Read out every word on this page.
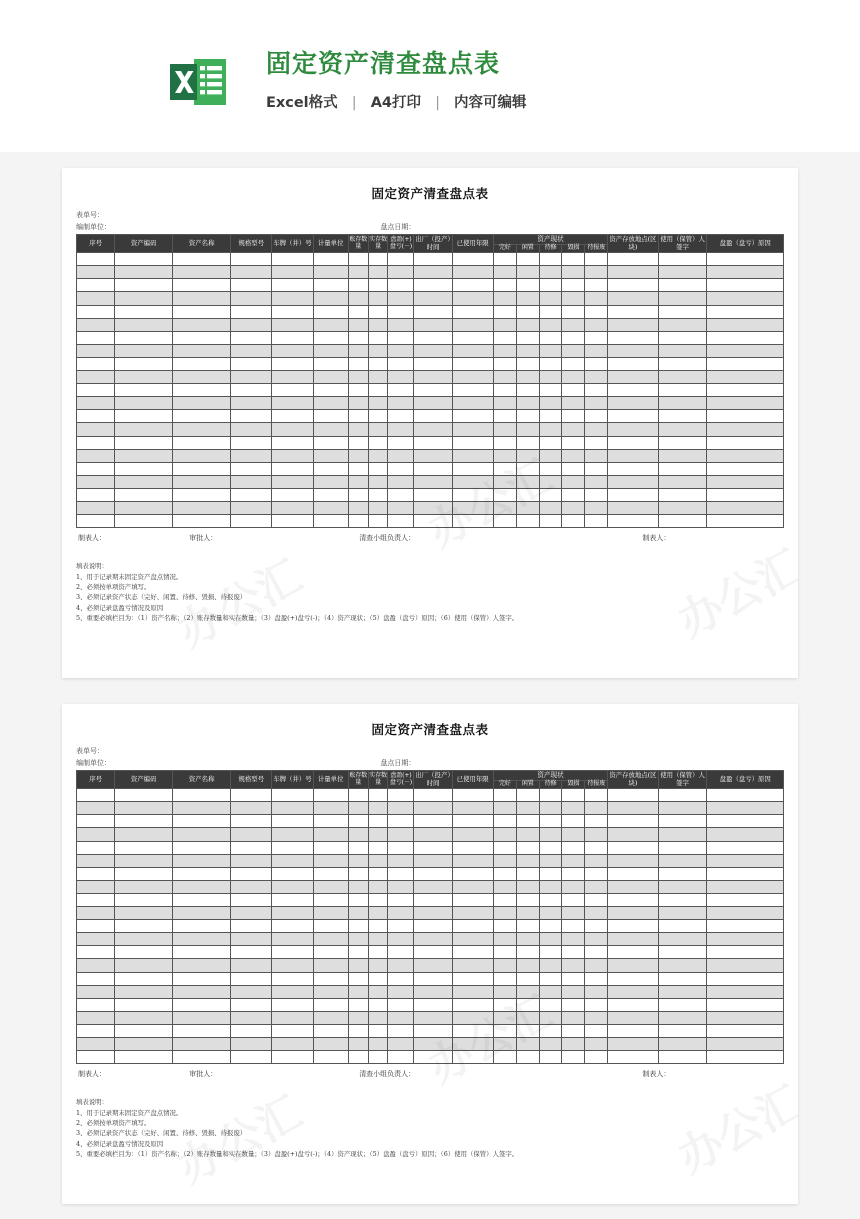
固定资产清查盘点表
Excel格式 | A4打印 | 内容可编辑
固定资产清查盘点表
表单号：
编制单位：	盘点日期：
序号	资产编码	资产名称	规格型号	车牌（井）号	计量单位	账存数量	实存数量	盘盈(+)盘亏(－)	出厂（投产）时间	已使用年限	资产现状					资产存放地点(区块)	使用（保管）人签字	盘盈（盘亏）原因
											完好	闲置	待修	毁损	待报废			

制表人：	审批人：	清查小组负责人：	制表人：
填表说明：
1、用于记录期末固定资产盘点情况。
2、必须按单项资产填写。
3、必须记录资产状态（完好、闲置、待修、毁损、待报废）
4、必须记录盘盈亏情况及原因
5、重要必填栏目为：（1）资产名称；（2）账存数量和实在数量；（3）盘盈(+)盘亏(-)；（4）资产现状；（5）盘盈（盘亏）原因；（6）使用（保管）人签字。
固定资产清查盘点表
表单号：
编制单位：	盘点日期：
序号	资产编码	资产名称	规格型号	车牌（井）号	计量单位	账存数量	实存数量	盘盈(+)盘亏(－)	出厂（投产）时间	已使用年限	资产现状					资产存放地点(区块)	使用（保管）人签字	盘盈（盘亏）原因
											完好	闲置	待修	毁损	待报废			

制表人：	审批人：	清查小组负责人：	制表人：
填表说明：
1、用于记录期末固定资产盘点情况。
2、必须按单项资产填写。
3、必须记录资产状态（完好、闲置、待修、毁损、待报废）
4、必须记录盘盈亏情况及原因
5、重要必填栏目为：（1）资产名称；（2）账存数量和实在数量；（3）盘盈(+)盘亏(-)；（4）资产现状；（5）盘盈（盘亏）原因；（6）使用（保管）人签字。
